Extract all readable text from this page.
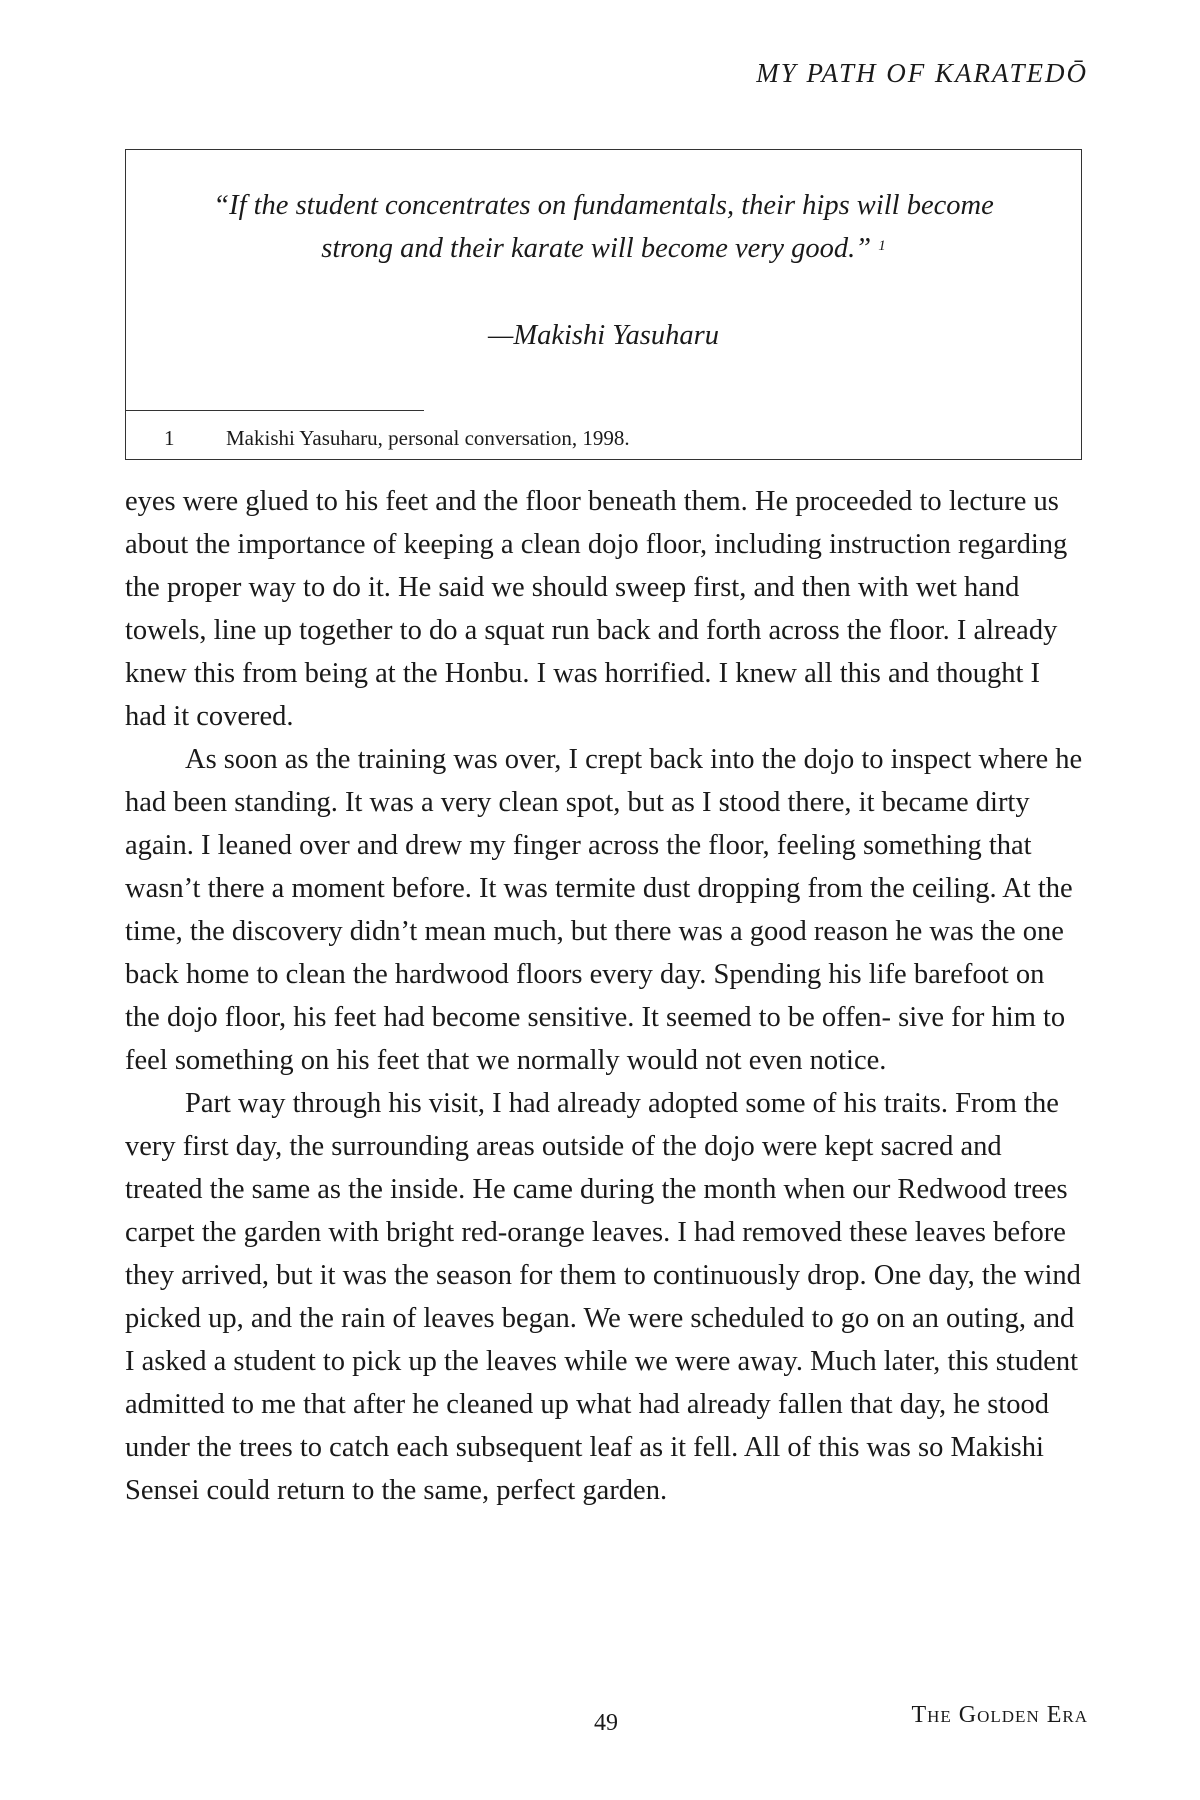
MY PATH OF KARATEDŌ
“If the student concentrates on fundamentals, their hips will become
strong and their karate will become very good.” $^1$
—Makishi Yasuharu
1 Makishi Yasuharu, personal conversation, 1998.

eyes were glued to his feet and the floor beneath them. He proceeded to lecture us about the importance of keeping a clean dojo floor, including instruction regarding the proper way to do it. He said we should sweep first, and then with wet hand towels, line up together to do a squat run back and forth across the floor. I already knew this from being at the Honbu. I was horrified. I knew all this and thought I had it covered.

As soon as the training was over, I crept back into the dojo to inspect where he had been standing. It was a very clean spot, but as I stood there, it became dirty again. I leaned over and drew my finger across the floor, feeling something that wasn’t there a moment before. It was termite dust dropping from the ceiling. At the time, the discovery didn’t mean much, but there was a good reason he was the one back home to clean the hardwood floors every day. Spending his life barefoot on the dojo floor, his feet had become sensitive. It seemed to be offen- sive for him to feel something on his feet that we normally would not even notice.

Part way through his visit, I had already adopted some of his traits. From the very first day, the surrounding areas outside of the dojo were kept sacred and treated the same as the inside. He came during the month when our Redwood trees carpet the garden with bright red-orange leaves. I had removed these leaves before they arrived, but it was the season for them to continuously drop. One day, the wind picked up, and the rain of leaves began. We were scheduled to go on an outing, and I asked a student to pick up the leaves while we were away. Much later, this student admitted to me that after he cleaned up what had already fallen that day, he stood under the trees to catch each subsequent leaf as it fell. All of this was so Makishi Sensei could return to the same, perfect garden.

49	The Golden Era
